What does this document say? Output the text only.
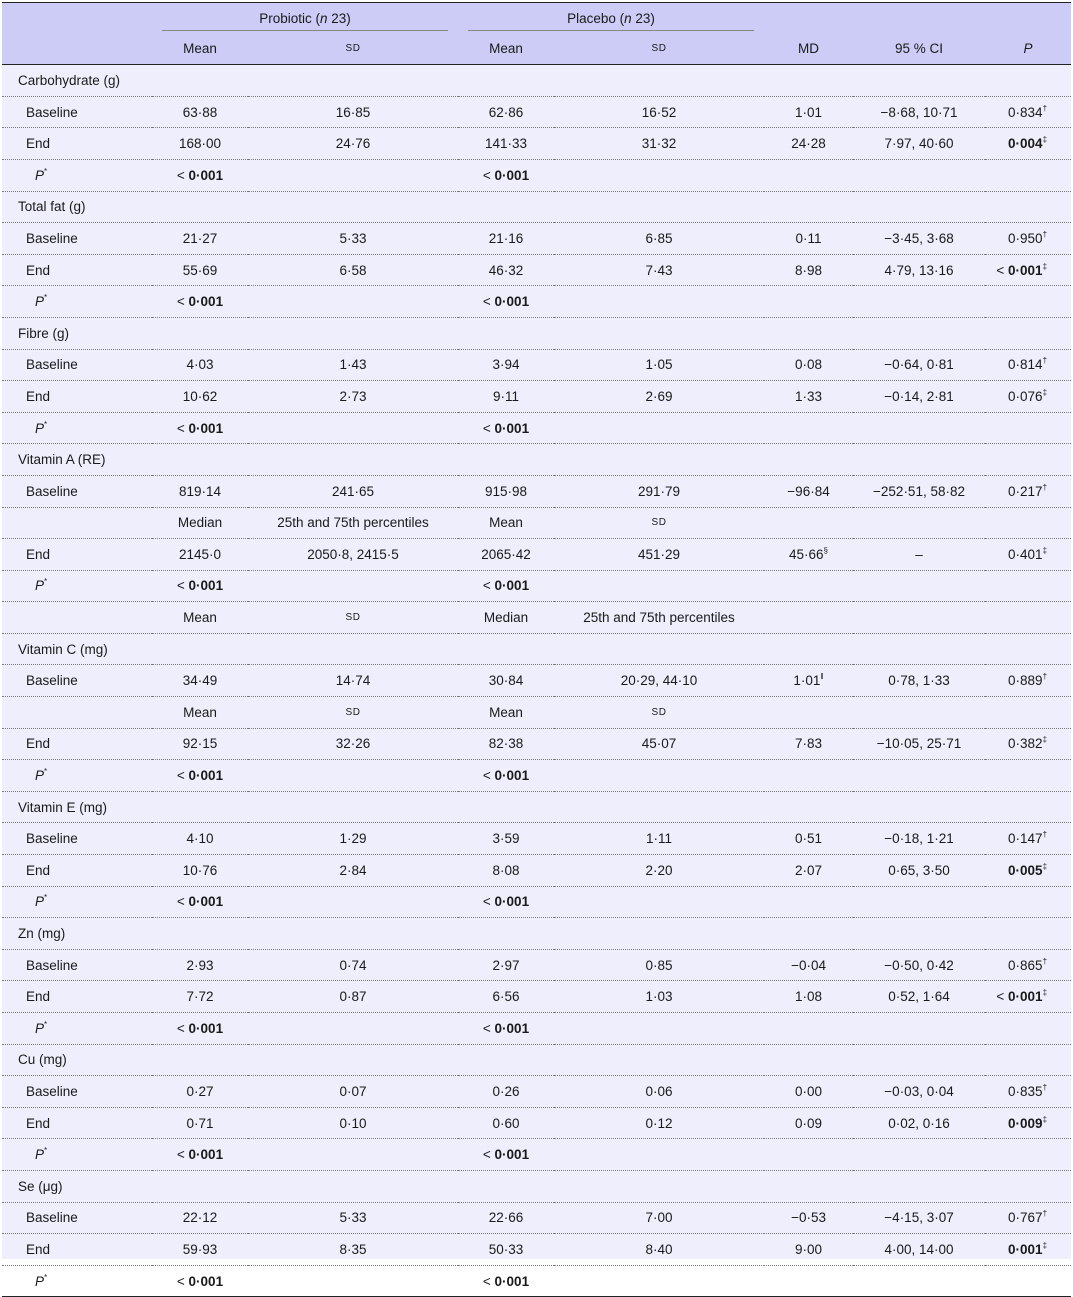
	Probiotic (n 23)		Placebo (n 23)				
	Mean	SD	Mean	SD	MD	95 % CI	P
Carbohydrate (g)							
Baseline	63·88	16·85	62·86	16·52	1·01	−8·68, 10·71	0·834†
End	168·00	24·76	141·33	31·32	24·28	7·97, 40·60	0·004‡
P*	< 0·001		< 0·001				
Total fat (g)							
Baseline	21·27	5·33	21·16	6·85	0·11	−3·45, 3·68	0·950†
End	55·69	6·58	46·32	7·43	8·98	4·79, 13·16	< 0·001‡
P*	< 0·001		< 0·001				
Fibre (g)							
Baseline	4·03	1·43	3·94	1·05	0·08	−0·64, 0·81	0·814†
End	10·62	2·73	9·11	2·69	1·33	−0·14, 2·81	0·076‡
P*	< 0·001		< 0·001				
Vitamin A (RE)							
Baseline	819·14	241·65	915·98	291·79	−96·84	−252·51, 58·82	0·217†
	Median	25th and 75th percentiles	Mean	SD			
End	2145·0	2050·8, 2415·5	2065·42	451·29	45·66§	–	0·401‡
P*	< 0·001		< 0·001				
	Mean	SD	Median	25th and 75th percentiles			
Vitamin C (mg)							
Baseline	34·49	14·74	30·84	20·29, 44·10	1·01‖	0·78, 1·33	0·889†
	Mean	SD	Mean	SD			
End	92·15	32·26	82·38	45·07	7·83	−10·05, 25·71	0·382‡
P*	< 0·001		< 0·001				
Vitamin E (mg)							
Baseline	4·10	1·29	3·59	1·11	0·51	−0·18, 1·21	0·147†
End	10·76	2·84	8·08	2·20	2·07	0·65, 3·50	0·005‡
P*	< 0·001		< 0·001				
Zn (mg)							
Baseline	2·93	0·74	2·97	0·85	−0·04	−0·50, 0·42	0·865†
End	7·72	0·87	6·56	1·03	1·08	0·52, 1·64	< 0·001‡
P*	< 0·001		< 0·001				
Cu (mg)							
Baseline	0·27	0·07	0·26	0·06	0·00	−0·03, 0·04	0·835†
End	0·71	0·10	0·60	0·12	0·09	0·02, 0·16	0·009‡
P*	< 0·001		< 0·001				
Se (μg)							
Baseline	22·12	5·33	22·66	7·00	−0·53	−4·15, 3·07	0·767†
End	59·93	8·35	50·33	8·40	9·00	4·00, 14·00	0·001‡
P*	< 0·001		< 0·001				
